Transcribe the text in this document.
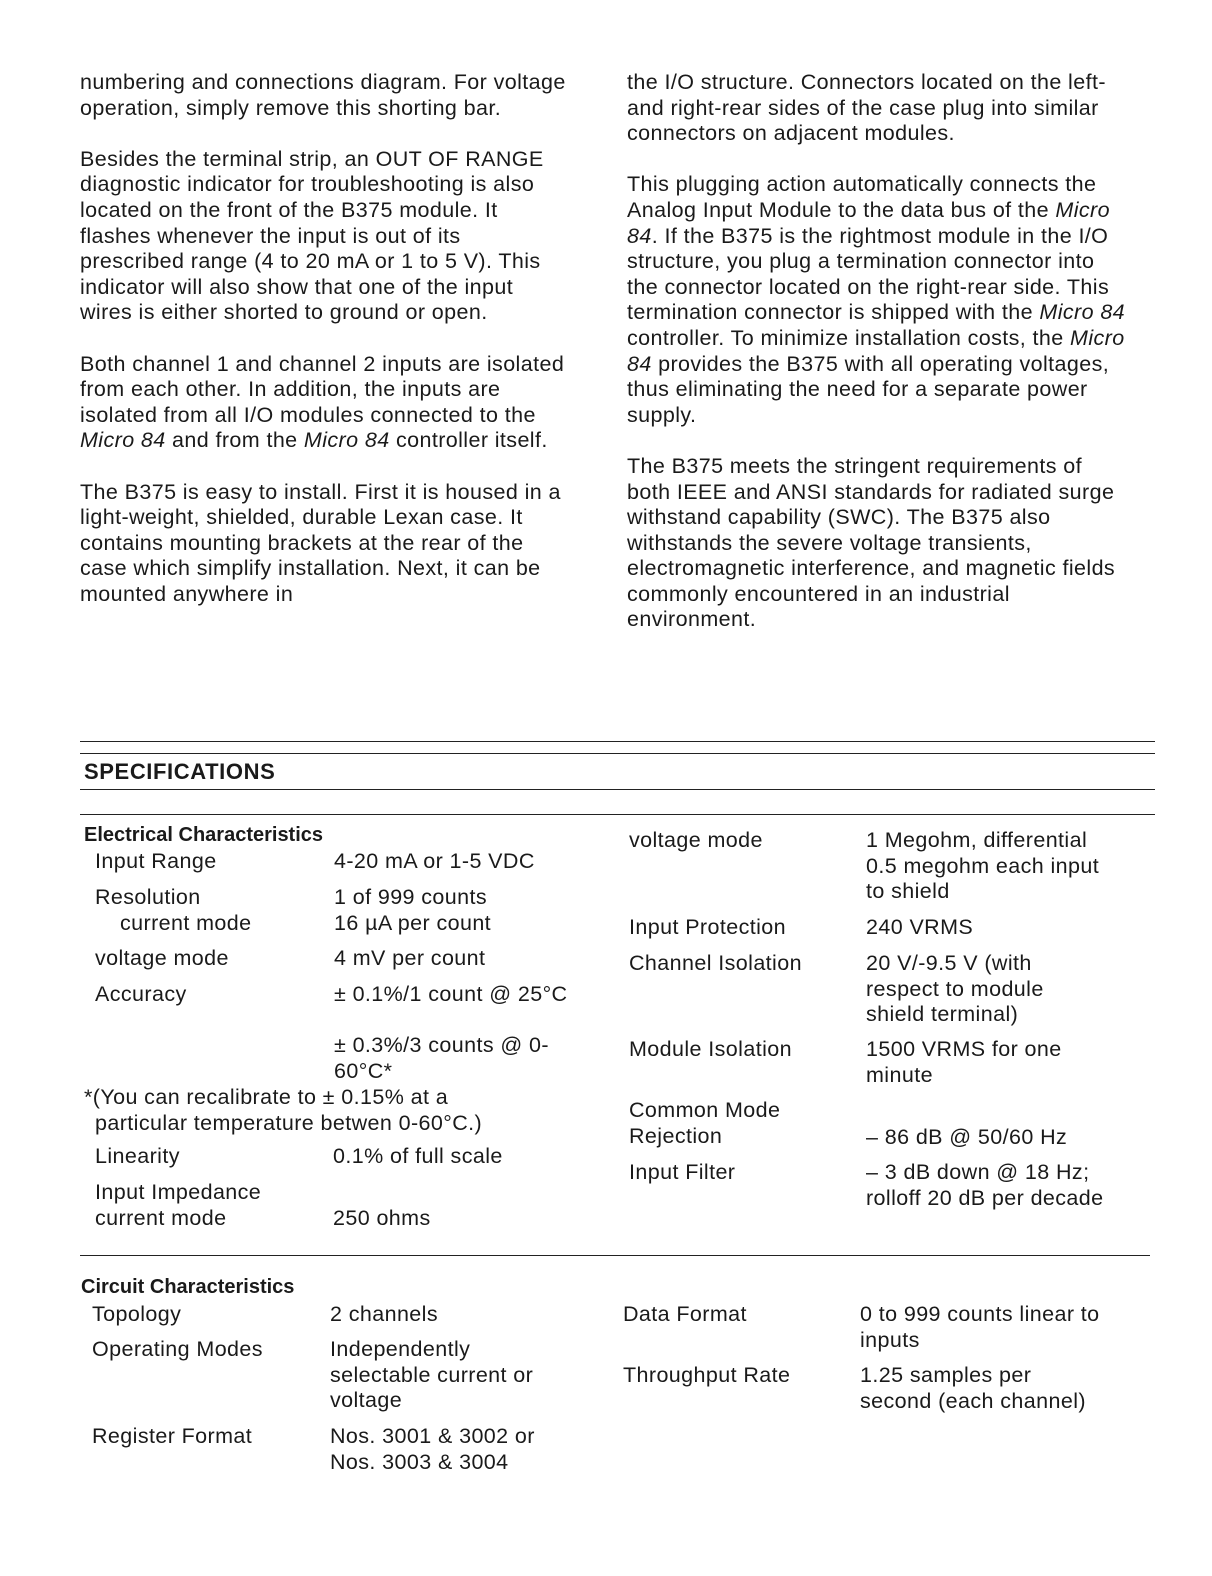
numbering and connections diagram. For voltage operation, simply remove this shorting bar.

Besides the terminal strip, an OUT OF RANGE diagnostic indicator for troubleshooting is also located on the front of the B375 module. It flashes whenever the input is out of its prescribed range (4 to 20 mA or 1 to 5 V). This indicator will also show that one of the input wires is either shorted to ground or open.

Both channel 1 and channel 2 inputs are isolated from each other. In addition, the inputs are isolated from all I/O modules connected to the Micro 84 and from the Micro 84 controller itself.

The B375 is easy to install. First it is housed in a light-weight, shielded, durable Lexan case. It contains mounting brackets at the rear of the case which simplify installation. Next, it can be mounted anywhere in

the I/O structure. Connectors located on the left- and right-rear sides of the case plug into similar connectors on adjacent modules.

This plugging action automatically connects the Analog Input Module to the data bus of the Micro 84. If the B375 is the rightmost module in the I/O structure, you plug a termination connector into the connector located on the right-rear side. This termination connector is shipped with the Micro 84 controller. To minimize installation costs, the Micro 84 provides the B375 with all operating voltages, thus eliminating the need for a separate power supply.

The B375 meets the stringent requirements of both IEEE and ANSI standards for radiated surge withstand capability (SWC). The B375 also withstands the severe voltage transients, electromagnetic interference, and magnetic fields commonly encountered in an industrial environment.

SPECIFICATIONS
Electrical Characteristics
Input Range	4-20 mA or 1-5 VDC
Resolution	1 of 999 counts
current mode	16 µA per count
voltage mode	4 mV per count
Accuracy	± 0.1%/1 count @ 25°C
± 0.3%/3 counts @ 0-60°C*
*(You can recalibrate to ± 0.15% at a particular temperature betwen 0-60°C.)
Linearity	0.1% of full scale
Input Impedance
current mode	250 ohms
voltage mode	1 Megohm, differential 0.5 megohm each input to shield
Input Protection	240 VRMS
Channel Isolation	20 V/-9.5 V (with respect to module shield terminal)
Module Isolation	1500 VRMS for one minute
Common Mode Rejection	– 86 dB @ 50/60 Hz
Input Filter	– 3 dB down @ 18 Hz; rolloff 20 dB per decade
Circuit Characteristics
Topology	2 channels
Operating Modes	Independently selectable current or voltage
Register Format	Nos. 3001 & 3002 or Nos. 3003 & 3004
Data Format	0 to 999 counts linear to inputs
Throughput Rate	1.25 samples per second (each channel)
